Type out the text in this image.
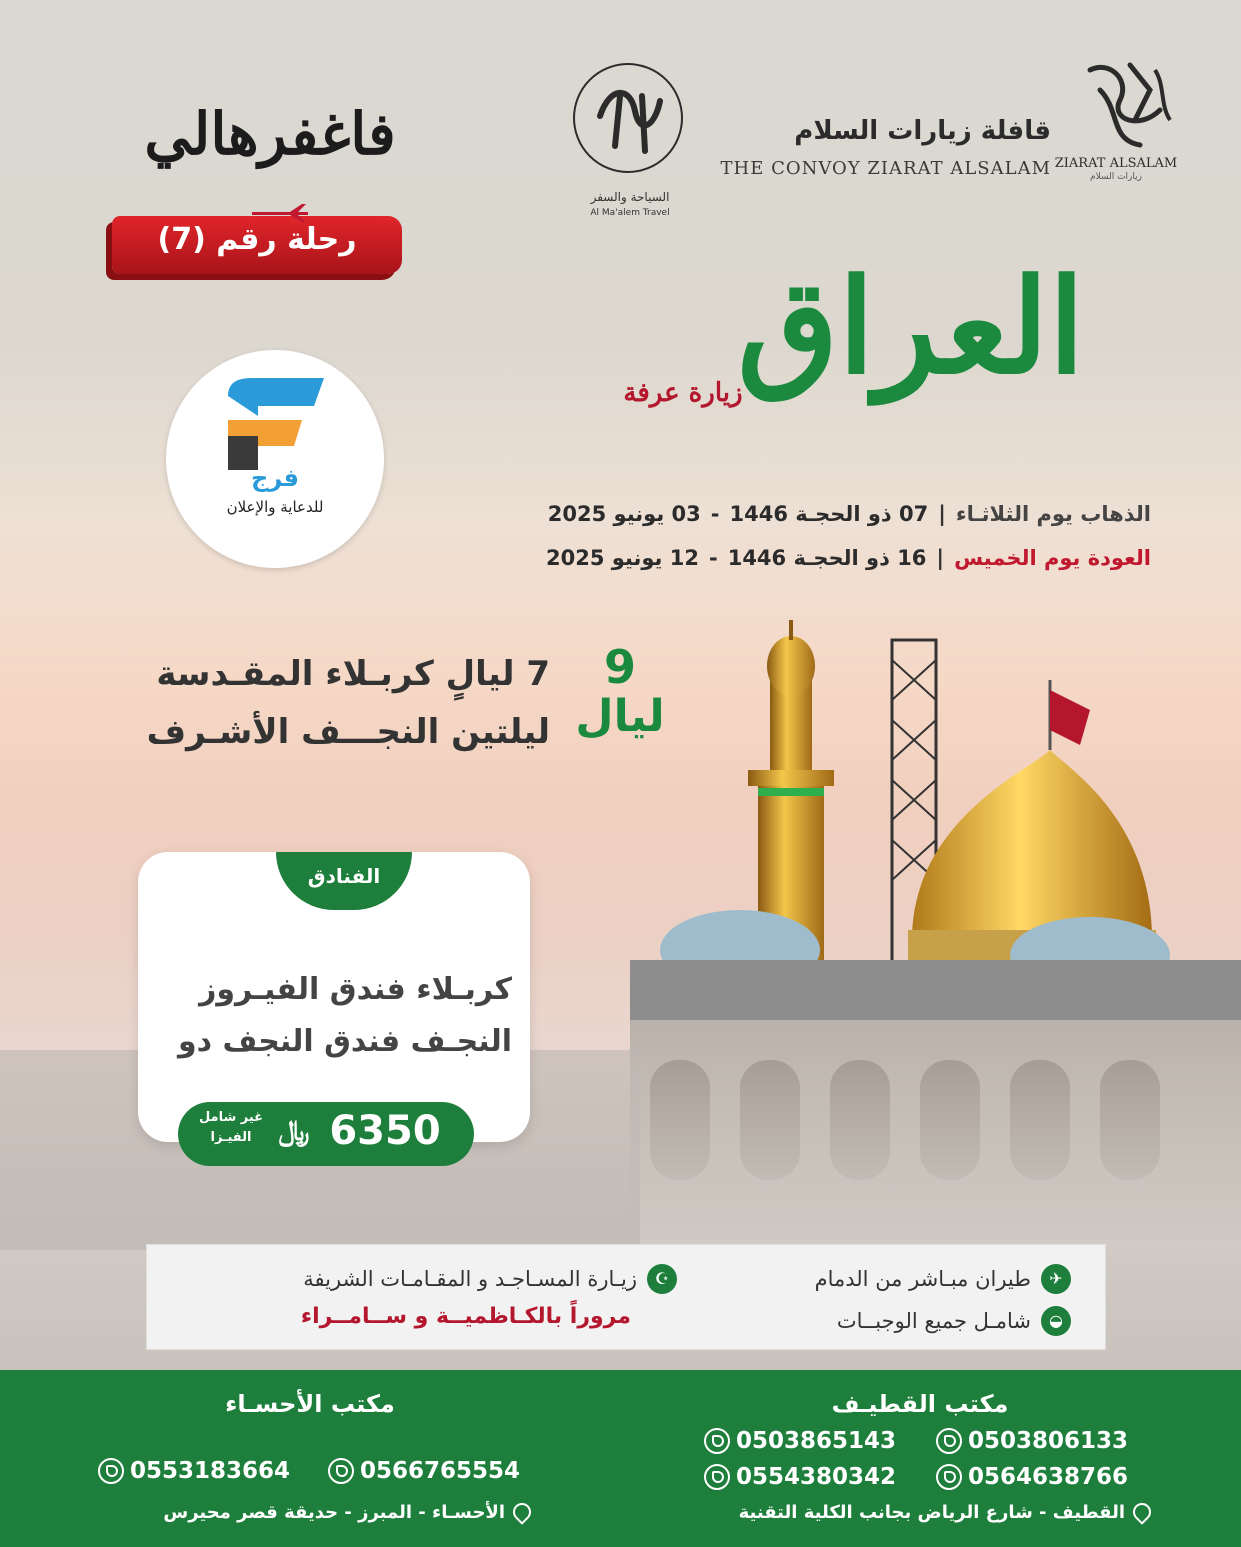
ZIARAT ALSALAM
زيارات السلام
قافلة زيارات السلام
THE CONVOY ZIARAT ALSALAM
السياحة والسفر
Al Ma'alem Travel
فاغفرهالي
رحلة رقم (7)
العراق
زيارة عرفة
فرج
للدعاية والإعلان	الذهاب يوم الثلاثـاء
|
07 ذو الحجـة 1446
-
03 يونيو 2025
العودة يوم الخميس
|
16 ذو الحجـة 1446
-
12 يونيو 2025
9
ليال
7 ليالٍ كربـلاء المقـدسة
ليلتين النجـــف الأشـرف
الفنادق
كربـلاء فندق الفيـروز
النجـف فندق النجف دو
6350
﷼
غير شامل
الفيـزا
✈
طيران مبـاشر من الدمام
◒
شامـل جميع الوجبــات
☪
زيـارة المسـاجـد و المقـامـات الشريفة
مروراً بالكـاظميــة و ســامــراء
مكتب القطيـف
مكتب الأحسـاء
0503806133
0503865143
0564638766
0554380342
0566765554
0553183664
القطيف - شارع الرياض بجانب الكلية التقنية
الأحسـاء - المبرز - حديقة قصر محيرس
